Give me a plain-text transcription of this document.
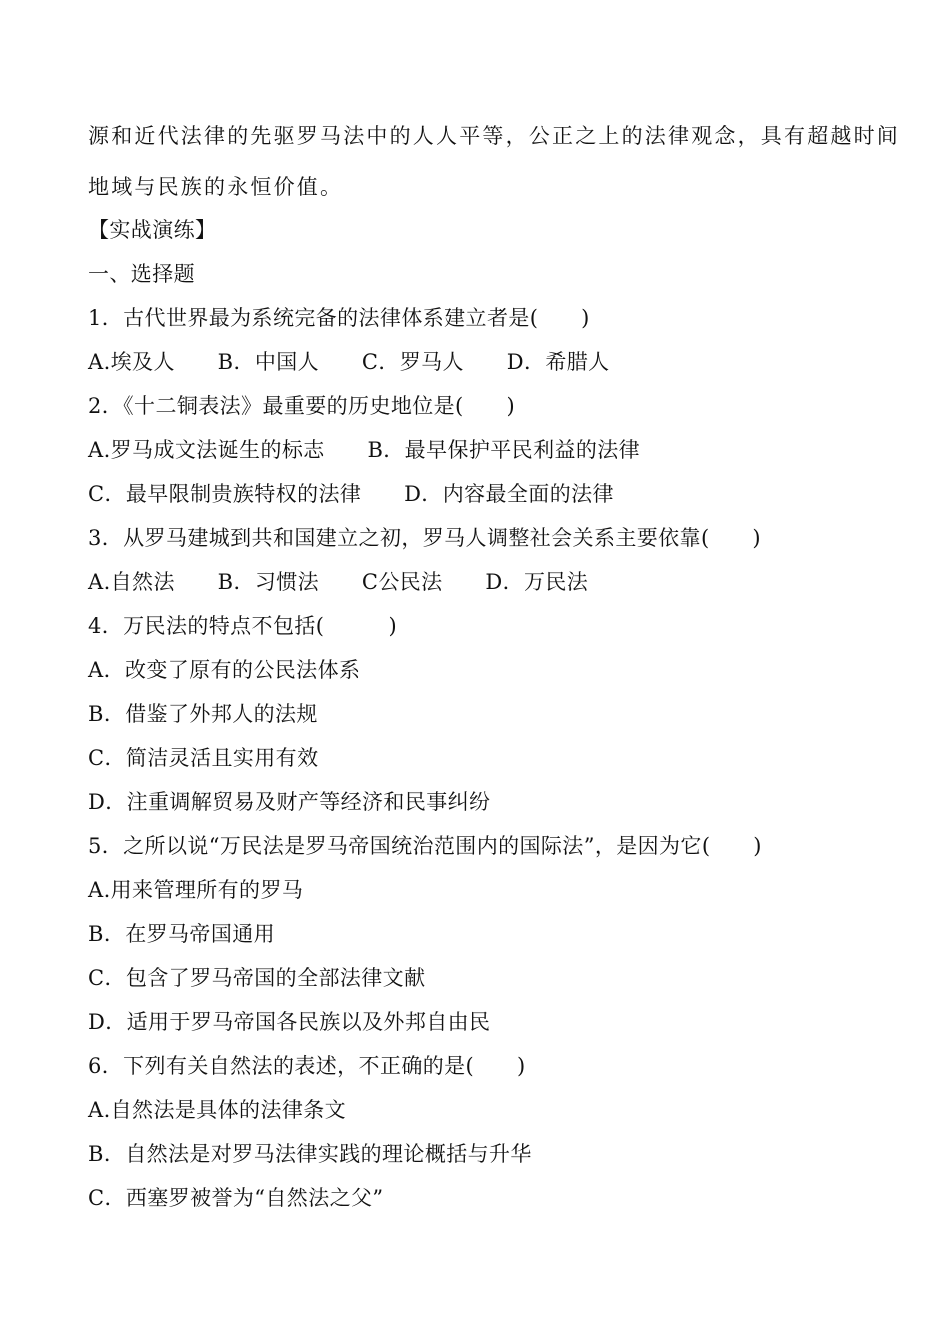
源和近代法律的先驱罗马法中的人人平等，公正之上的法律观念，具有超越时间
地域与民族的永恒价值。
【实战演练】
一、选择题
1．古代世界最为系统完备的法律体系建立者是(　　)
A.埃及人　　B．中国人　　C．罗马人　　D．希腊人
2．《十二铜表法》最重要的历史地位是(　　)
A.罗马成文法诞生的标志　　B．最早保护平民利益的法律
C．最早限制贵族特权的法律　　D．内容最全面的法律
3．从罗马建城到共和国建立之初，罗马人调整社会关系主要依靠(　　)
A.自然法　　B．习惯法　　C公民法　　D．万民法
4．万民法的特点不包括(　　　)
A．改变了原有的公民法体系
B．借鉴了外邦人的法规
C．简洁灵活且实用有效
D．注重调解贸易及财产等经济和民事纠纷
5．之所以说“万民法是罗马帝国统治范围内的国际法”，是因为它(　　)
A.用来管理所有的罗马
B．在罗马帝国通用
C．包含了罗马帝国的全部法律文献
D．适用于罗马帝国各民族以及外邦自由民
6．下列有关自然法的表述，不正确的是(　　)
A.自然法是具体的法律条文
B．自然法是对罗马法律实践的理论概括与升华
C．西塞罗被誉为“自然法之父”
